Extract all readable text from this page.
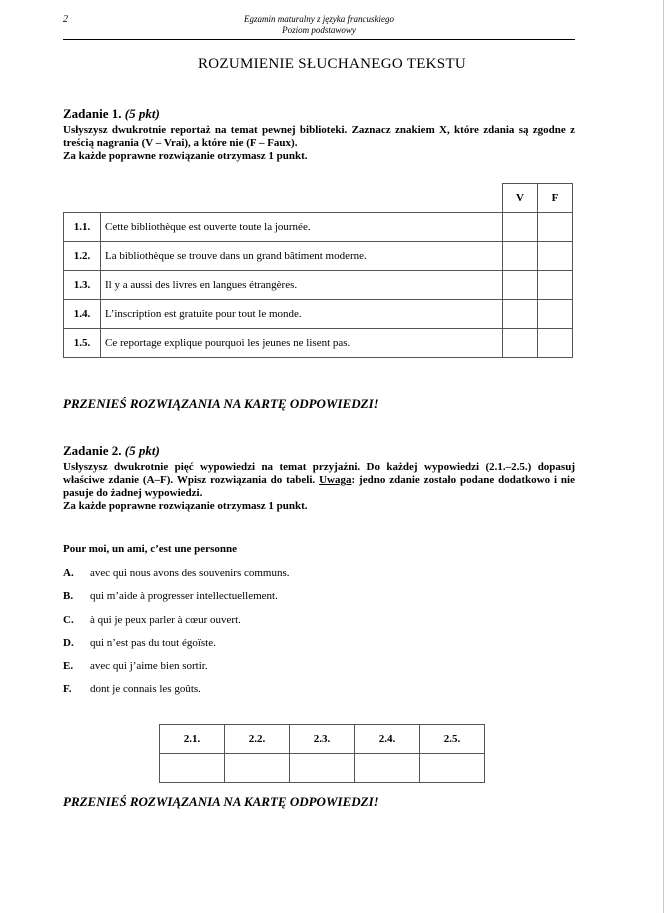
2	Egzamin maturalny z języka francuskiego
Poziom podstawowy
ROZUMIENIE SŁUCHANEGO TEKSTU
Zadanie 1. (5 pkt)
Usłyszysz dwukrotnie reportaż na temat pewnej biblioteki. Zaznacz znakiem X, które zdania są zgodne z treścią nagrania (V – Vrai), a które nie (F – Faux).
Za każde poprawne rozwiązanie otrzymasz 1 punkt.
		V	F
1.1.	Cette bibliothèque est ouverte toute la journée.		
1.2.	La bibliothèque se trouve dans un grand bâtiment moderne.		
1.3.	Il y a aussi des livres en langues étrangères.		
1.4.	L’inscription est gratuite pour tout le monde.		
1.5.	Ce reportage explique pourquoi les jeunes ne lisent pas.		
PRZENIEŚ ROZWIĄZANIA NA KARTĘ ODPOWIEDZI!
Zadanie 2. (5 pkt)
Usłyszysz dwukrotnie pięć wypowiedzi na temat przyjaźni. Do każdej wypowiedzi (2.1.–2.5.) dopasuj właściwe zdanie (A–F). Wpisz rozwiązania do tabeli. Uwaga: jedno zdanie zostało podane dodatkowo i nie pasuje do żadnej wypowiedzi.
Za każde poprawne rozwiązanie otrzymasz 1 punkt.
Pour moi, un ami, c’est une personne
A.	avec qui nous avons des souvenirs communs.
B.	qui m’aide à progresser intellectuellement.
C.	à qui je peux parler à cœur ouvert.
D.	qui n’est pas du tout égoïste.
E.	avec qui j’aime bien sortir.
F.	dont je connais les goûts.
2.1.	2.2.	2.3.	2.4.	2.5.

PRZENIEŚ ROZWIĄZANIA NA KARTĘ ODPOWIEDZI!
